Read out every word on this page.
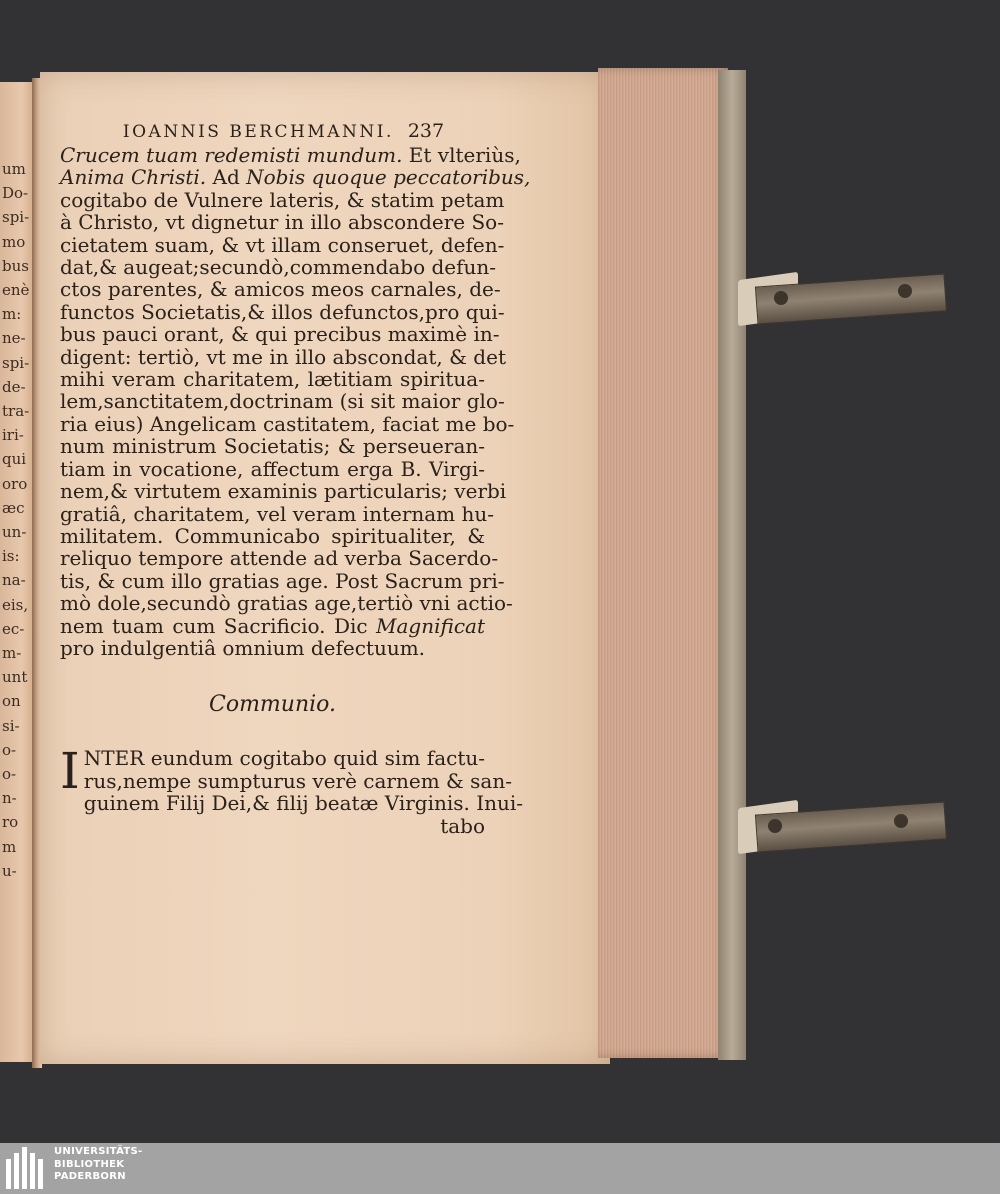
um
Do-
spi-
mo
bus
enè
m:
ne-
spi-
de-
tra-
iri-
qui
oro
æc
un-
is:
na-
eis,
ec-
m-
unt
on
si-
o-
o-
n-
ro
m
u-
IOANNIS BERCHMANNI. 237
Crucem tuam redemisti mundum. Et vlteriùs,
Anima Christi. Ad Nobis quoque peccatoribus,
cogitabo de Vulnere lateris, & statim petam
à Christo, vt dignetur in illo abscondere So-
cietatem suam, & vt illam conseruet, defen-
dat,& augeat;secundò,commendabo defun-
ctos parentes, & amicos meos carnales, de-
functos Societatis,& illos defunctos,pro qui-
bus pauci orant, & qui precibus maximè in-
digent: tertiò, vt me in illo abscondat, & det
mihi veram charitatem, lætitiam spiritua-
lem,sanctitatem,doctrinam (si sit maior glo-
ria eius) Angelicam castitatem, faciat me bo-
num ministrum Societatis; & perseueran-
tiam in vocatione, affectum erga B. Virgi-
nem,& virtutem examinis particularis; verbi
gratiâ, charitatem, vel veram internam hu-
militatem. Communicabo spiritualiter, &
reliquo tempore attende ad verba Sacerdo-
tis, & cum illo gratias age. Post Sacrum pri-
mò dole,secundò gratias age,tertiò vni actio-
nem tuam cum Sacrificio. Dic Magnificat
pro indulgentiâ omnium defectuum.
Communio.
I NTER eundum cogitabo quid sim factu-
rus,nempe sumpturus verè carnem & san-
guinem Filij Dei,& filij beatæ Virginis. Inui-
tabo
UNIVERSITÄTS-
BIBLIOTHEK
PADERBORN
